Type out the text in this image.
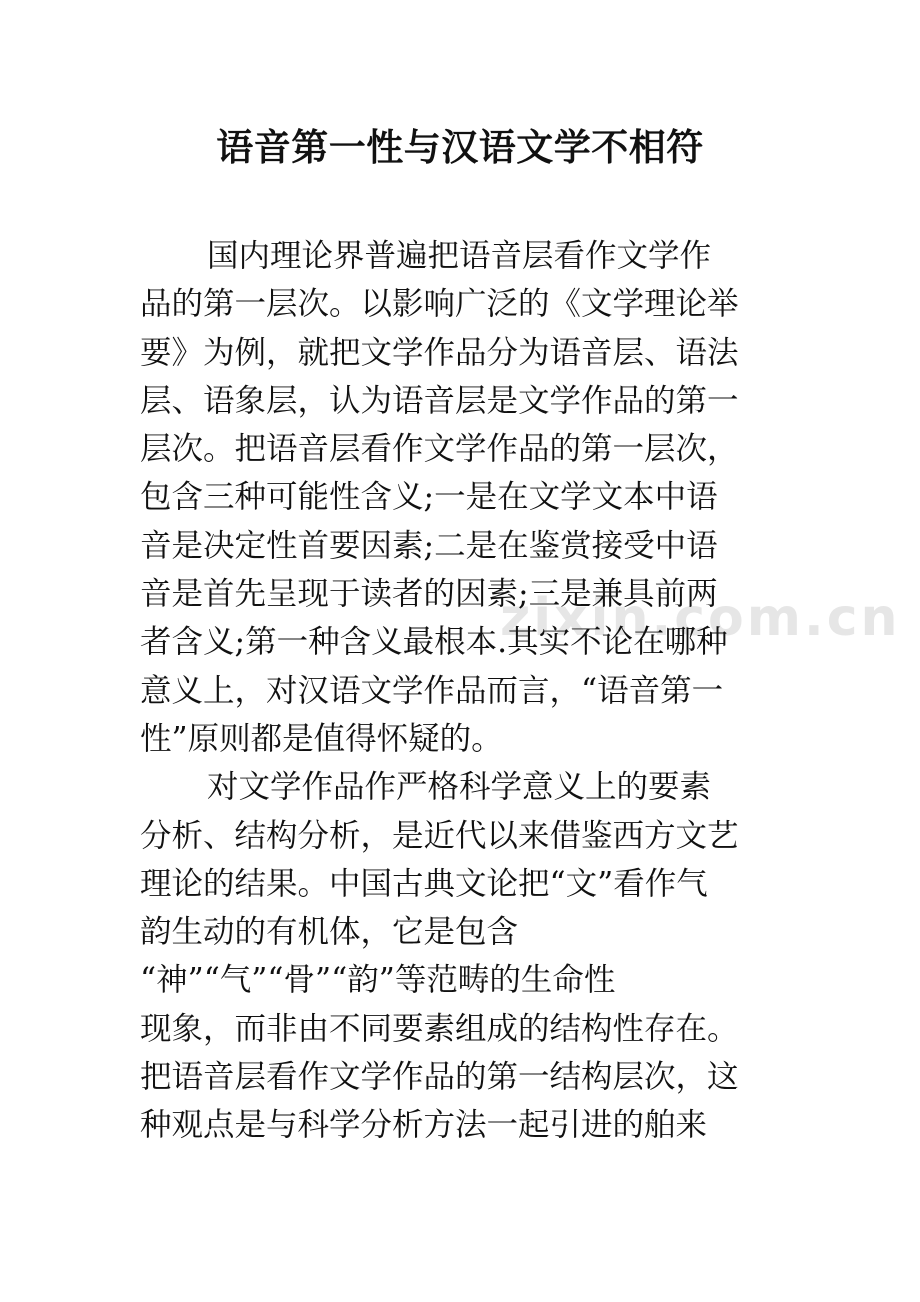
zixin.com.cn
语音第一性与汉语文学不相符
国内理论界普遍把语音层看作文学作
品的第一层次。以影响广泛的《文学理论举
要》为例，就把文学作品分为语音层、语法
层、语象层，认为语音层是文学作品的第一
层次。把语音层看作文学作品的第一层次，
包含三种可能性含义;一是在文学文本中语
音是决定性首要因素;二是在鉴赏接受中语
音是首先呈现于读者的因素;三是兼具前两
者含义;第一种含义最根本.其实不论在哪种
意义上，对汉语文学作品而言，“语音第一
性”原则都是值得怀疑的。
对文学作品作严格科学意义上的要素
分析、结构分析，是近代以来借鉴西方文艺
理论的结果。中国古典文论把“文”看作气
韵生动的有机体，它是包含
“神”“气”“骨”“韵”等范畴的生命性
现象，而非由不同要素组成的结构性存在。
把语音层看作文学作品的第一结构层次，这
种观点是与科学分析方法一起引进的舶来
